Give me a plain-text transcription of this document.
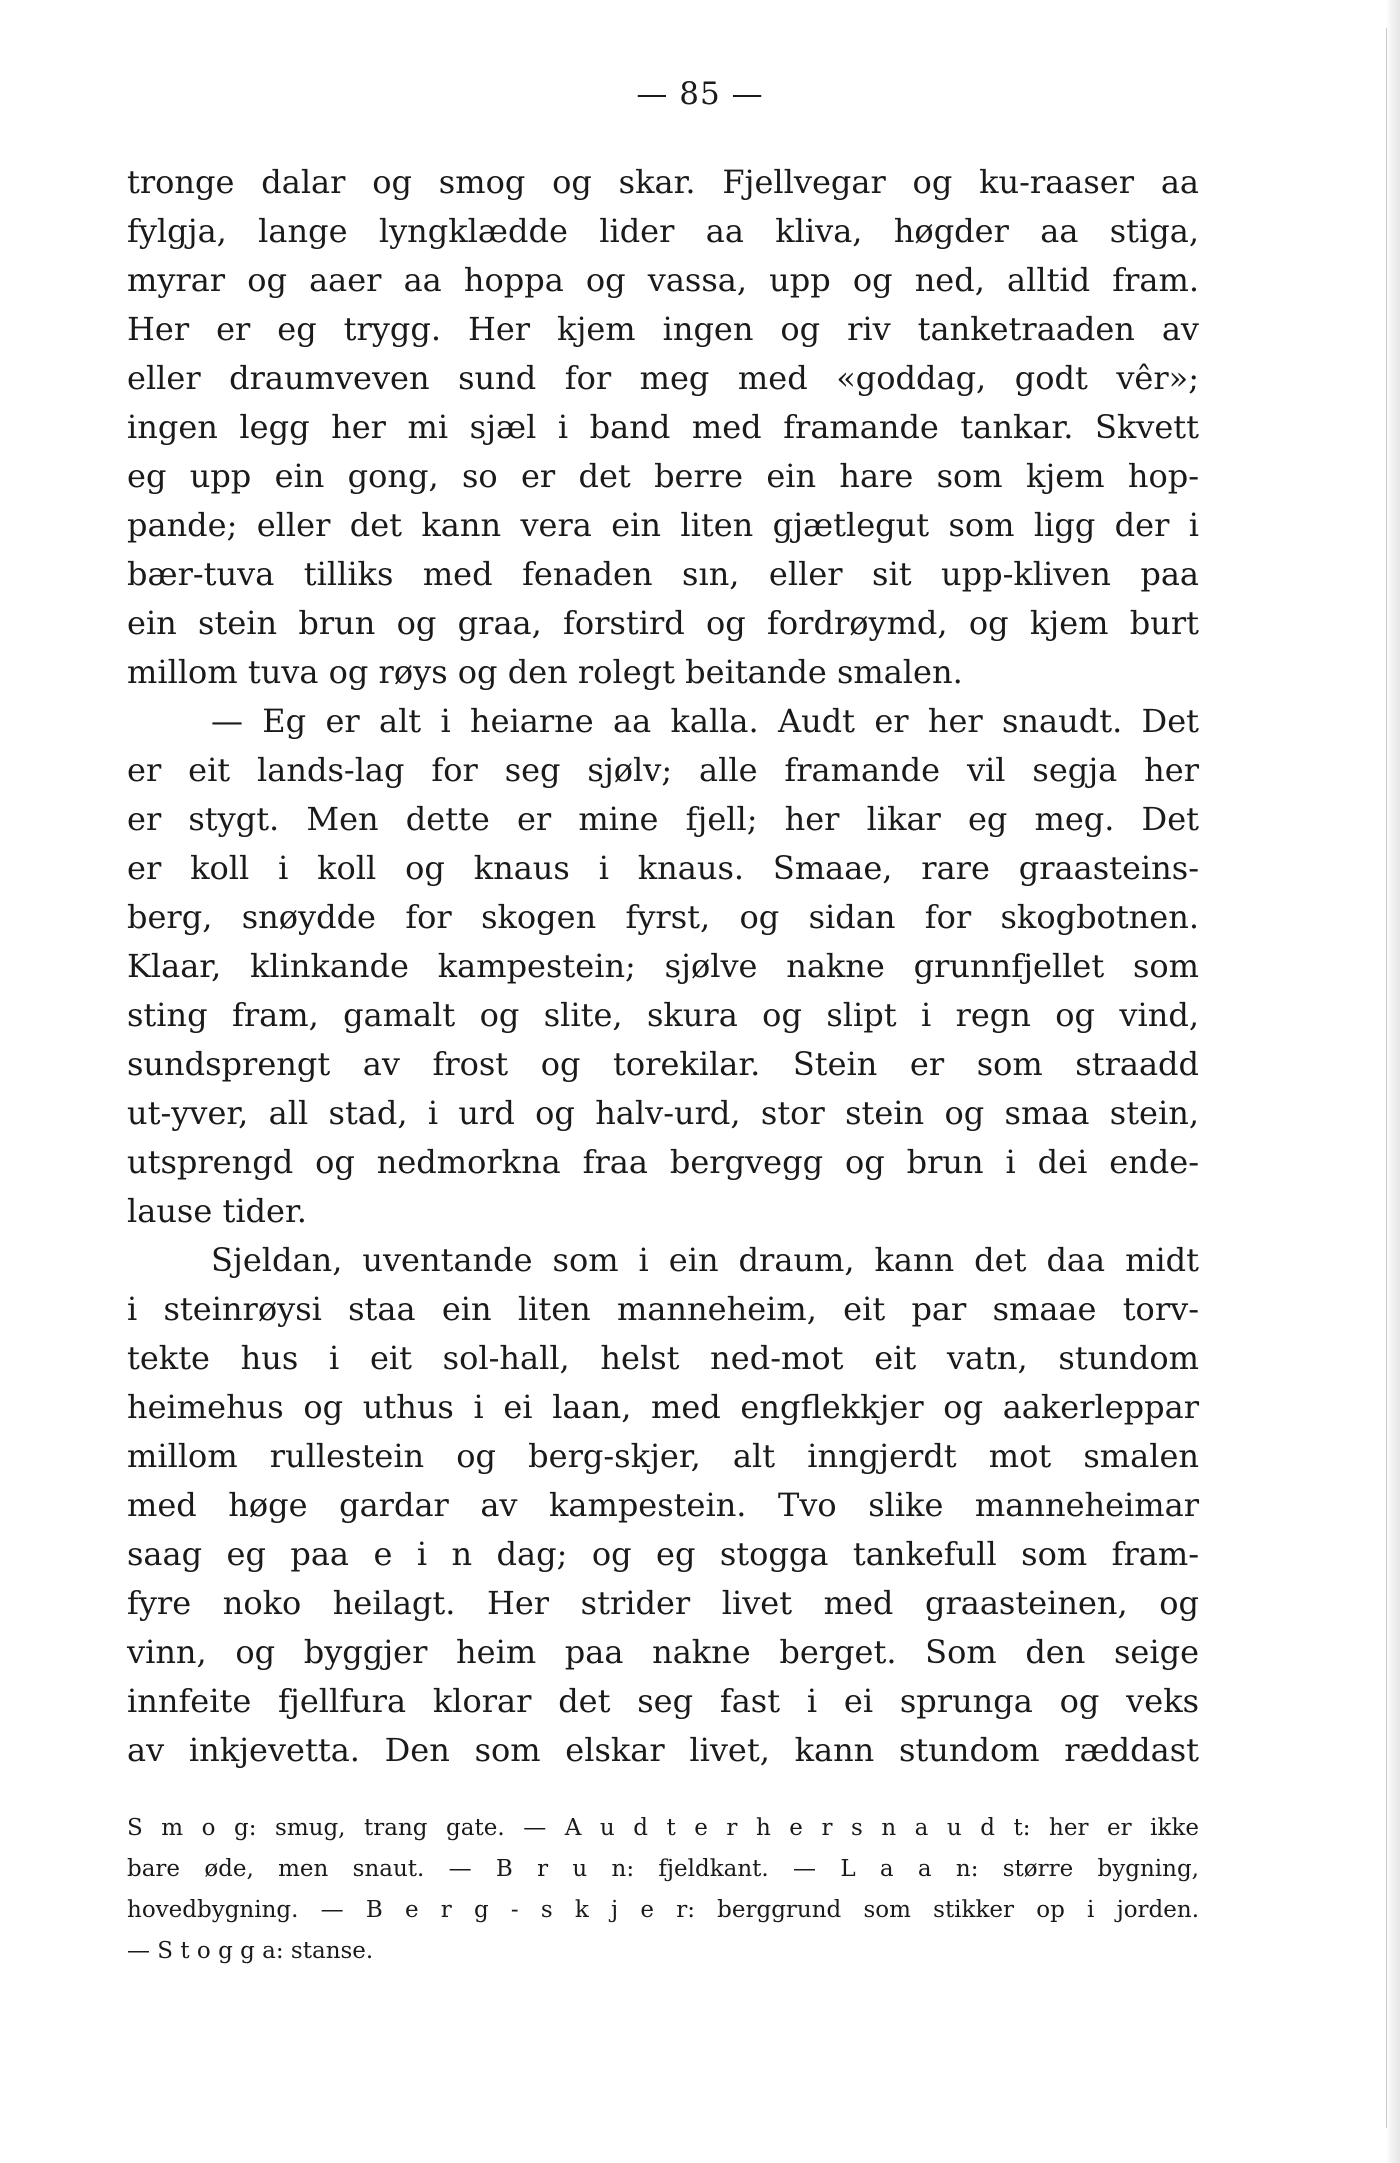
— 85 —
tronge dalar og smog og skar. Fjellvegar og ku-raaser aa
fylgja, lange lyngklædde lider aa kliva, høgder aa stiga,
myrar og aaer aa hoppa og vassa, upp og ned, alltid fram.
Her er eg trygg. Her kjem ingen og riv tanketraaden av
eller draumveven sund for meg med «goddag, godt vêr»;
ingen legg her mi sjæl i band med framande tankar. Skvett
eg upp ein gong, so er det berre ein hare som kjem hop-
pande; eller det kann vera ein liten gjætlegut som ligg der i
bær-tuva tilliks med fenaden sın, eller sit upp-kliven paa
ein stein brun og graa, forstird og fordrøymd, og kjem burt
millom tuva og røys og den rolegt beitande smalen.
— Eg er alt i heiarne aa kalla. Audt er her snaudt. Det
er eit lands-lag for seg sjølv; alle framande vil segja her
er stygt. Men dette er mine fjell; her likar eg meg. Det
er koll i koll og knaus i knaus. Smaae, rare graasteins-
berg, snøydde for skogen fyrst, og sidan for skogbotnen.
Klaar, klinkande kampestein; sjølve nakne grunnfjellet som
sting fram, gamalt og slite, skura og slipt i regn og vind,
sundsprengt av frost og torekilar. Stein er som straadd
ut-yver, all stad, i urd og halv-urd, stor stein og smaa stein,
utsprengd og nedmorkna fraa bergvegg og brun i dei ende-
lause tider.
Sjeldan, uventande som i ein draum, kann det daa midt
i steinrøysi staa ein liten manneheim, eit par smaae torv-
tekte hus i eit sol-hall, helst ned-mot eit vatn, stundom
heimehus og uthus i ei laan, med engflekkjer og aakerleppar
millom rullestein og berg-skjer, alt inngjerdt mot smalen
med høge gardar av kampestein. Tvo slike manneheimar
saag eg paa e i n dag; og eg stogga tankefull som fram-
fyre noko heilagt. Her strider livet med graasteinen, og
vinn, og byggjer heim paa nakne berget. Som den seige
innfeite fjellfura klorar det seg fast i ei sprunga og veks
av inkjevetta. Den som elskar livet, kann stundom ræddast
S m o g: smug, trang gate. — A u d t e r h e r s n a u d t: her er ikke
bare øde, men snaut. — B r u n: fjeldkant. — L a a n: større bygning,
hovedbygning. — B e r g - s k j e r: berggrund som stikker op i jorden.
— S t o g g a: stanse.
